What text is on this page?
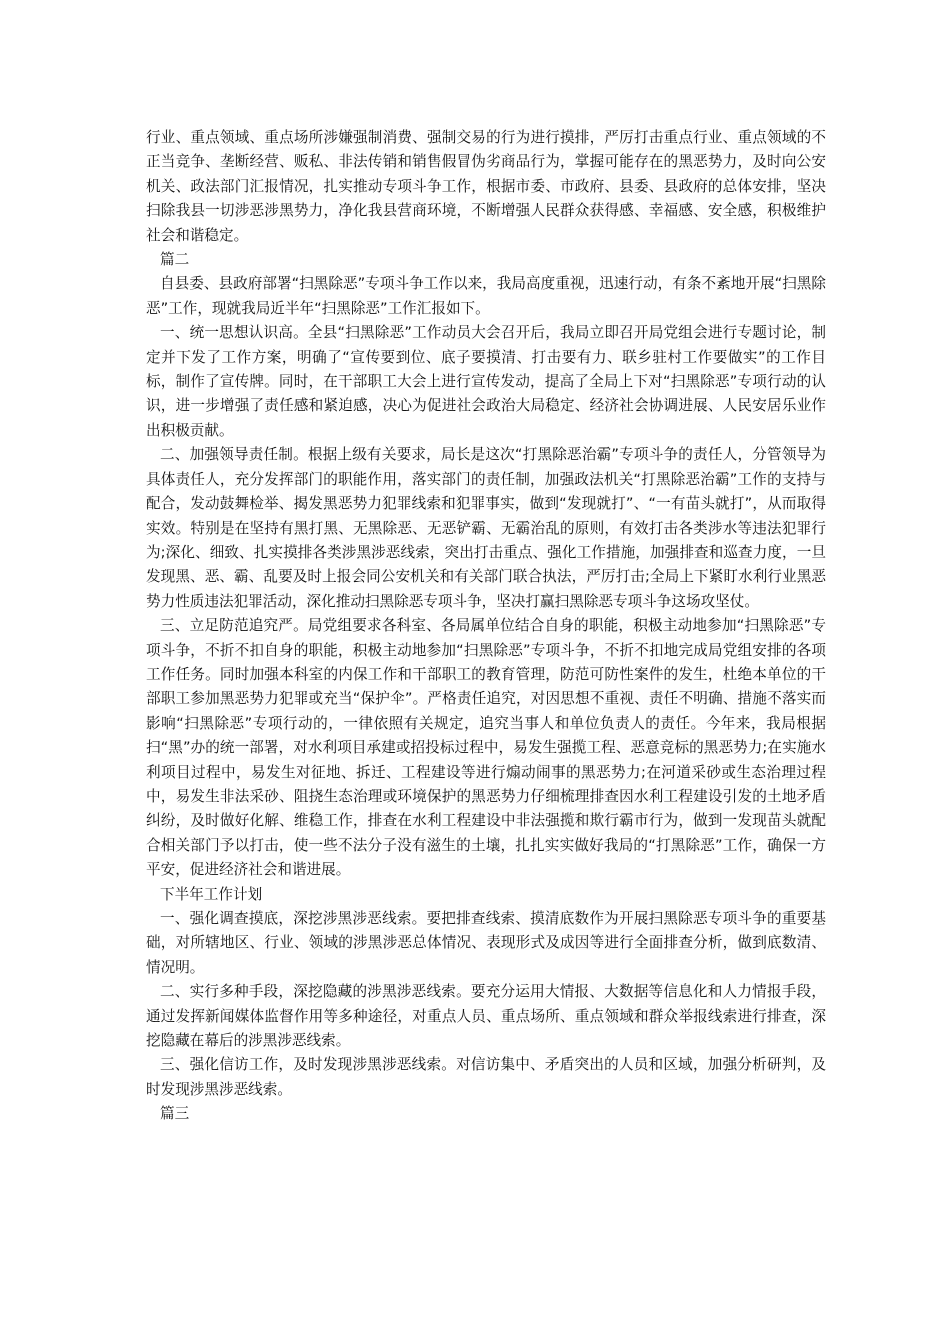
行业、重点领域、重点场所涉嫌强制消费、强制交易的行为进行摸排，严厉打击重点行业、重点领域的不正当竞争、垄断经营、贩私、非法传销和销售假冒伪劣商品行为，掌握可能存在的黑恶势力，及时向公安机关、政法部门汇报情况，扎实推动专项斗争工作，根据市委、市政府、县委、县政府的总体安排，坚决扫除我县一切涉恶涉黑势力，净化我县营商环境，不断增强人民群众获得感、幸福感、安全感，积极维护社会和谐稳定。

篇二

自县委、县政府部署“扫黑除恶”专项斗争工作以来，我局高度重视，迅速行动，有条不紊地开展“扫黑除恶”工作，现就我局近半年“扫黑除恶”工作汇报如下。

一、统一思想认识高。全县“扫黑除恶”工作动员大会召开后，我局立即召开局党组会进行专题讨论，制定并下发了工作方案，明确了“宣传要到位、底子要摸清、打击要有力、联乡驻村工作要做实”的工作目标，制作了宣传牌。同时，在干部职工大会上进行宣传发动，提高了全局上下对“扫黑除恶”专项行动的认识，进一步增强了责任感和紧迫感，决心为促进社会政治大局稳定、经济社会协调进展、人民安居乐业作出积极贡献。

二、加强领导责任制。根据上级有关要求，局长是这次“打黑除恶治霸”专项斗争的责任人，分管领导为具体责任人，充分发挥部门的职能作用，落实部门的责任制，加强政法机关“打黑除恶治霸”工作的支持与配合，发动鼓舞检举、揭发黑恶势力犯罪线索和犯罪事实，做到“发现就打”、“一有苗头就打”，从而取得实效。特别是在坚持有黑打黑、无黑除恶、无恶铲霸、无霸治乱的原则，有效打击各类涉水等违法犯罪行为;深化、细致、扎实摸排各类涉黑涉恶线索，突出打击重点、强化工作措施，加强排查和巡查力度，一旦发现黑、恶、霸、乱要及时上报会同公安机关和有关部门联合执法，严厉打击;全局上下紧盯水利行业黑恶势力性质违法犯罪活动，深化推动扫黑除恶专项斗争，坚决打赢扫黑除恶专项斗争这场攻坚仗。

三、立足防范追究严。局党组要求各科室、各局属单位结合自身的职能，积极主动地参加“扫黑除恶”专项斗争，不折不扣自身的职能，积极主动地参加“扫黑除恶”专项斗争，不折不扣地完成局党组安排的各项工作任务。同时加强本科室的内保工作和干部职工的教育管理，防范可防性案件的发生，杜绝本单位的干部职工参加黑恶势力犯罪或充当“保护伞”。严格责任追究，对因思想不重视、责任不明确、措施不落实而影响“扫黑除恶”专项行动的，一律依照有关规定，追究当事人和单位负责人的责任。今年来，我局根据扫“黑”办的统一部署，对水利项目承建或招投标过程中，易发生强揽工程、恶意竞标的黑恶势力;在实施水利项目过程中，易发生对征地、拆迁、工程建设等进行煽动闹事的黑恶势力;在河道采砂或生态治理过程中，易发生非法采砂、阻挠生态治理或环境保护的黑恶势力仔细梳理排查因水利工程建设引发的土地矛盾纠纷，及时做好化解、维稳工作，排查在水利工程建设中非法强揽和欺行霸市行为，做到一发现苗头就配合相关部门予以打击，使一些不法分子没有滋生的土壤，扎扎实实做好我局的“打黑除恶”工作，确保一方平安，促进经济社会和谐进展。

下半年工作计划

一、强化调查摸底，深挖涉黑涉恶线索。要把排查线索、摸清底数作为开展扫黑除恶专项斗争的重要基础，对所辖地区、行业、领域的涉黑涉恶总体情况、表现形式及成因等进行全面排查分析，做到底数清、情况明。

二、实行多种手段，深挖隐藏的涉黑涉恶线索。要充分运用大情报、大数据等信息化和人力情报手段，通过发挥新闻媒体监督作用等多种途径，对重点人员、重点场所、重点领域和群众举报线索进行排查，深挖隐藏在幕后的涉黑涉恶线索。

三、强化信访工作，及时发现涉黑涉恶线索。对信访集中、矛盾突出的人员和区域，加强分析研判，及时发现涉黑涉恶线索。

篇三
